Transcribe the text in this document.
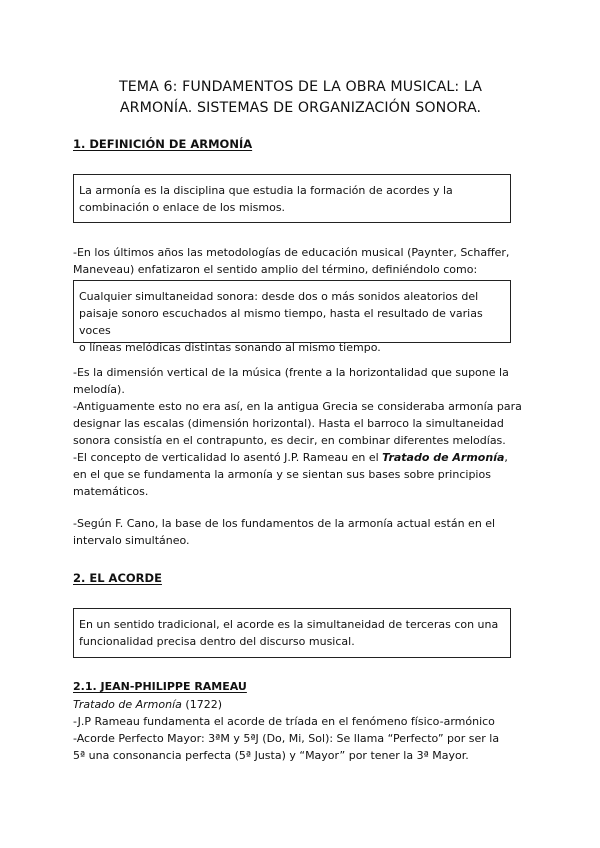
TEMA 6: FUNDAMENTOS DE LA OBRA MUSICAL: LA
ARMONÍA. SISTEMAS DE ORGANIZACIÓN SONORA.
1. DEFINICIÓN DE ARMONÍA

La armonía es la disciplina que estudia la formación de acordes y la

combinación o enlace de los mismos.

-En los últimos años las metodologías de educación musical (Paynter, Schaffer,

Maneveau) enfatizaron el sentido amplio del término, definiéndolo como:

Cualquier simultaneidad sonora: desde dos o más sonidos aleatorios del

paisaje sonoro escuchados al mismo tiempo, hasta el resultado de varias voces

o líneas melódicas distintas sonando al mismo tiempo.

-Es la dimensión vertical de la música (frente a la horizontalidad que supone la

melodía).

-Antiguamente esto no era así, en la antigua Grecia se consideraba armonía para

designar las escalas (dimensión horizontal). Hasta el barroco la simultaneidad

sonora consistía en el contrapunto, es decir, en combinar diferentes melodías.

-El concepto de verticalidad lo asentó J.P. Rameau en el Tratado de Armonía,

en el que se fundamenta la armonía y se sientan sus bases sobre principios

matemáticos.

-Según F. Cano, la base de los fundamentos de la armonía actual están en el

intervalo simultáneo.

2. EL ACORDE

En un sentido tradicional, el acorde es la simultaneidad de terceras con una

funcionalidad precisa dentro del discurso musical.

2.1. JEAN-PHILIPPE RAMEAU

Tratado de Armonía (1722)

-J.P Rameau fundamenta el acorde de tríada en el fenómeno físico-armónico

-Acorde Perfecto Mayor: 3ªM y 5ªJ (Do, Mi, Sol): Se llama “Perfecto” por ser la

5ª una consonancia perfecta (5ª Justa) y “Mayor” por tener la 3ª Mayor.
